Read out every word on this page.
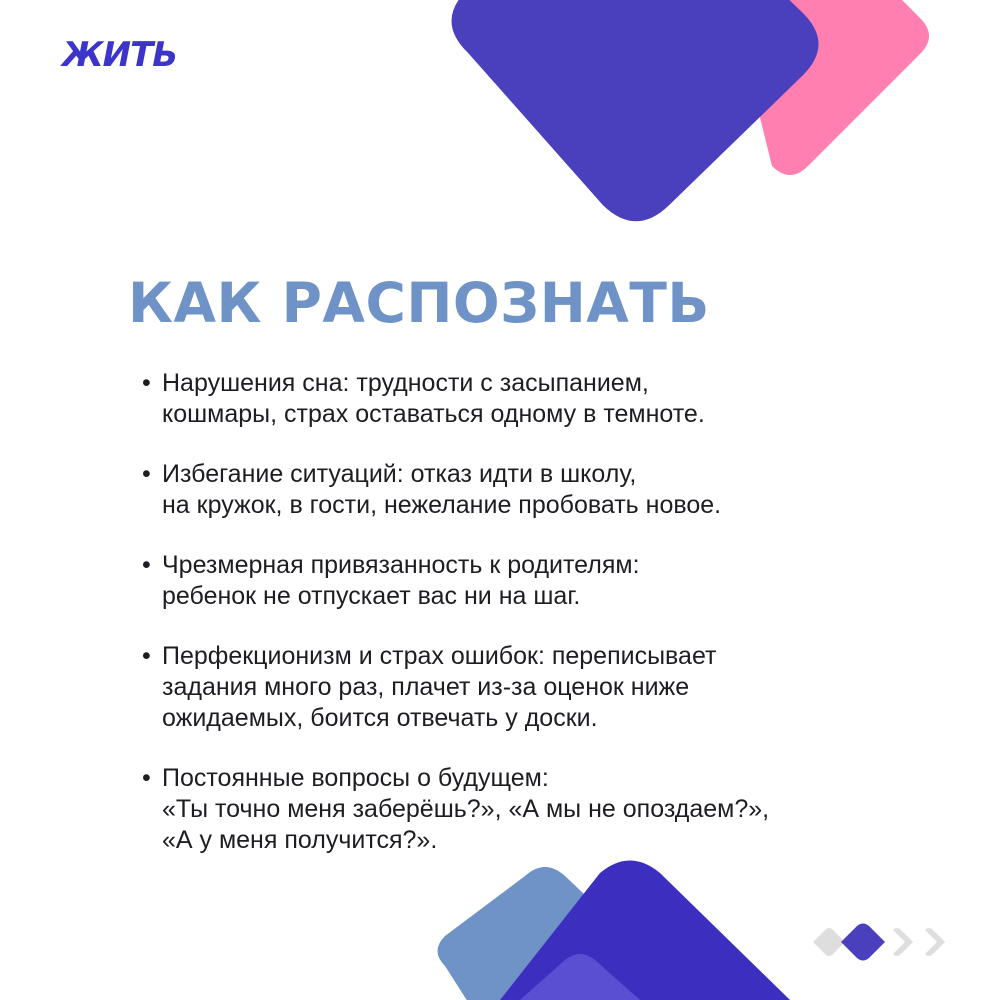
ЖИТЬ
КАК РАСПОЗНАТЬ
• Нарушения сна: трудности с засыпанием,
кошмары, страх оставаться одному в темноте.
• Избегание ситуаций: отказ идти в школу,
на кружок, в гости, нежелание пробовать новое.
• Чрезмерная привязанность к родителям:
ребенок не отпускает вас ни на шаг.
• Перфекционизм и страх ошибок: переписывает
задания много раз, плачет из-за оценок ниже
ожидаемых, боится отвечать у доски.
• Постоянные вопросы о будущем:
«Ты точно меня заберёшь?», «А мы не опоздаем?»,
«А у меня получится?».
